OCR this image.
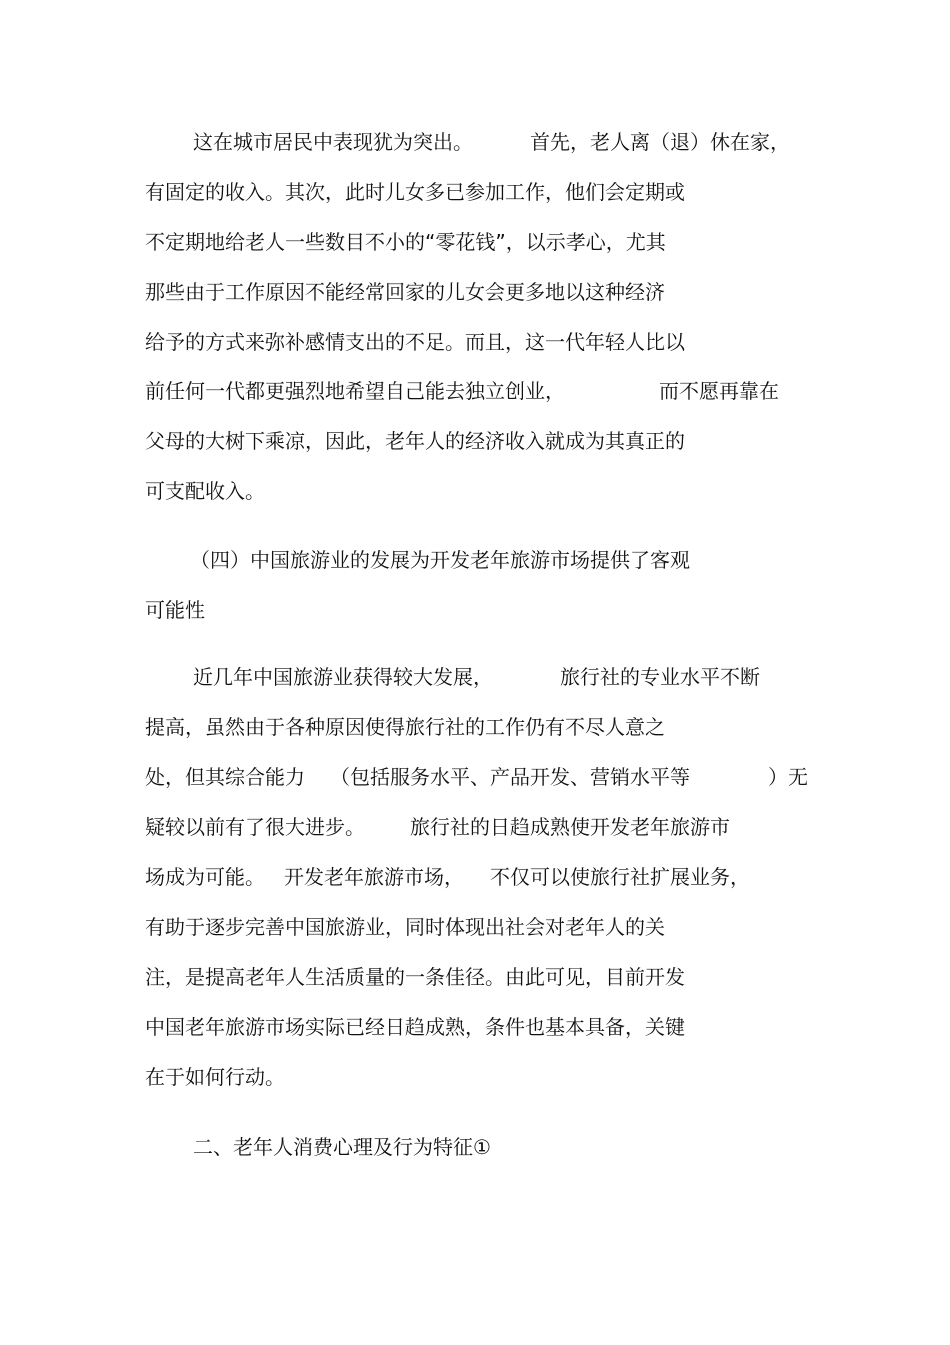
这在城市居民中表现犹为突出。

	首先，老人离（退）休在家，

有固定的收入。其次，此时儿女多已参加工作，他们会定期或

不定期地给老人一些数目不小的“零花钱”，以示孝心，尤其

那些由于工作原因不能经常回家的儿女会更多地以这种经济

给予的方式来弥补感情支出的不足。而且，这一代年轻人比以

前任何一代都更强烈地希望自己能去独立创业，

	而不愿再靠在

父母的大树下乘凉，因此，老年人的经济收入就成为其真正的

可支配收入。

（四）中国旅游业的发展为开发老年旅游市场提供了客观

可能性

近几年中国旅游业获得较大发展，

	旅行社的专业水平不断

提高，虽然由于各种原因使得旅行社的工作仍有不尽人意之

处，但其综合能力

（包括服务水平、产品开发、营销水平等

	）无

疑较以前有了很大进步。

旅行社的日趋成熟使开发老年旅游市

场成为可能。

开发老年旅游市场，

不仅可以使旅行社扩展业务，

有助于逐步完善中国旅游业，同时体现出社会对老年人的关

注，是提高老年人生活质量的一条佳径。由此可见，目前开发

中国老年旅游市场实际已经日趋成熟，条件也基本具备，关键

在于如何行动。

二、老年人消费心理及行为特征①
